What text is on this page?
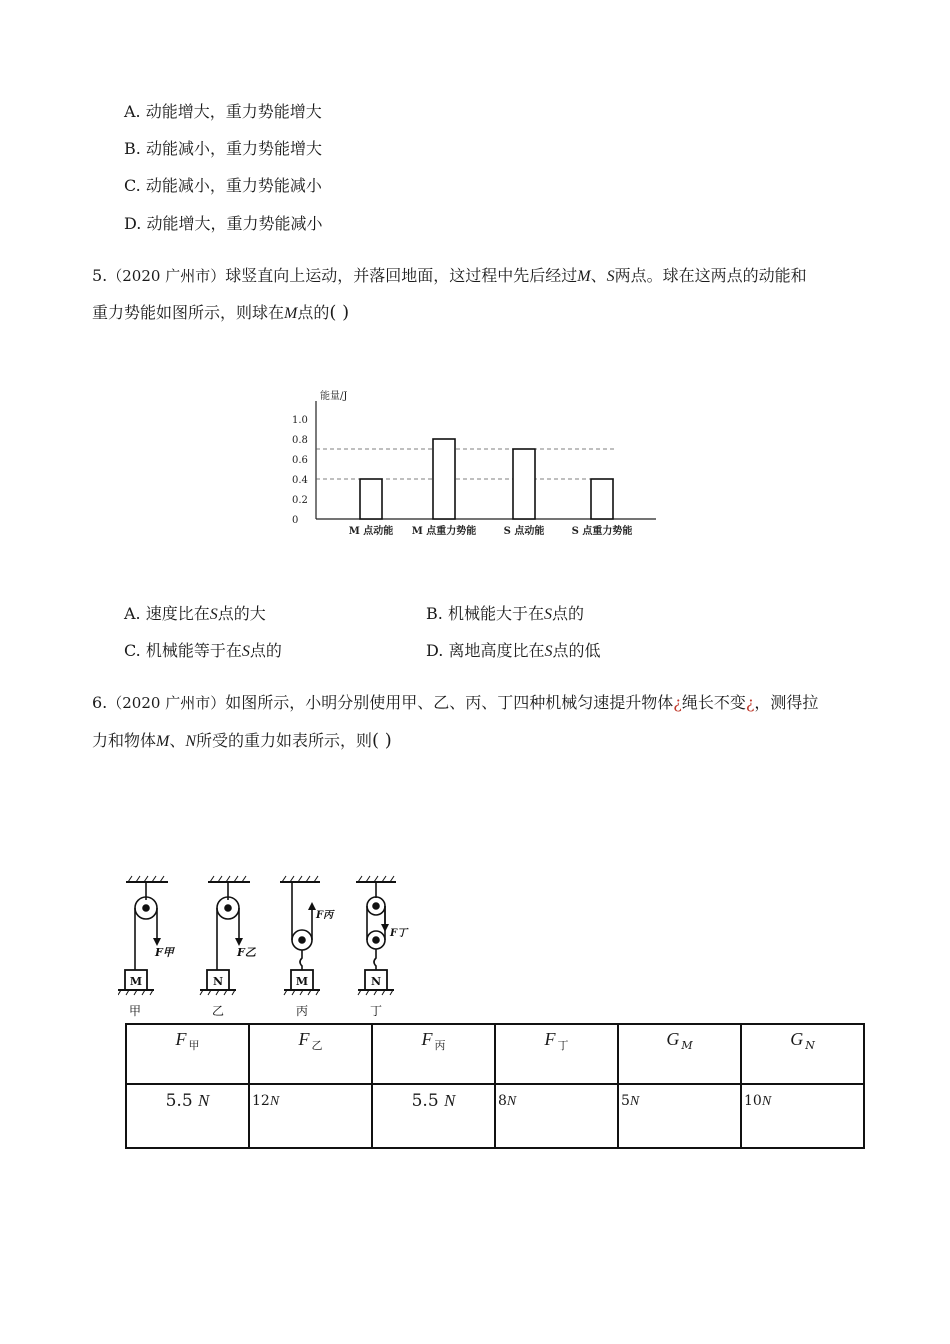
A. 动能增大，重力势能增大
B. 动能减小，重力势能增大
C. 动能减小，重力势能减小
D. 动能增大，重力势能减小
5.（2020 广州市）球竖直向上运动，并落回地面，这过程中先后经过M、S两点。球在这两点的动能和
重力势能如图所示，则球在M点的( )
能量/J
1.0
0.8
0.6
0.4
0.2
0
M 点动能 M 点重力势能	S 点动能	S 点重力势能
A. 速度比在S点的大	B. 机械能大于在S点的
C. 机械能等于在S点的	D. 离地高度比在S点的低
6.（2020 广州市）如图所示，小明分别使用甲、乙、丙、丁四种机械匀速提升物体¿绳长不变¿，测得拉
力和物体M、N所受的重力如表所示，则( )
M
F甲
甲
N
F乙
乙
M
F丙
丙
N
F丁
丁
F $_甲$	F $_乙$	F $_丙$	F $_丁$	G $_M$	G $_N$
5.5 N	12N	5.5 N	8N	5N	10N
